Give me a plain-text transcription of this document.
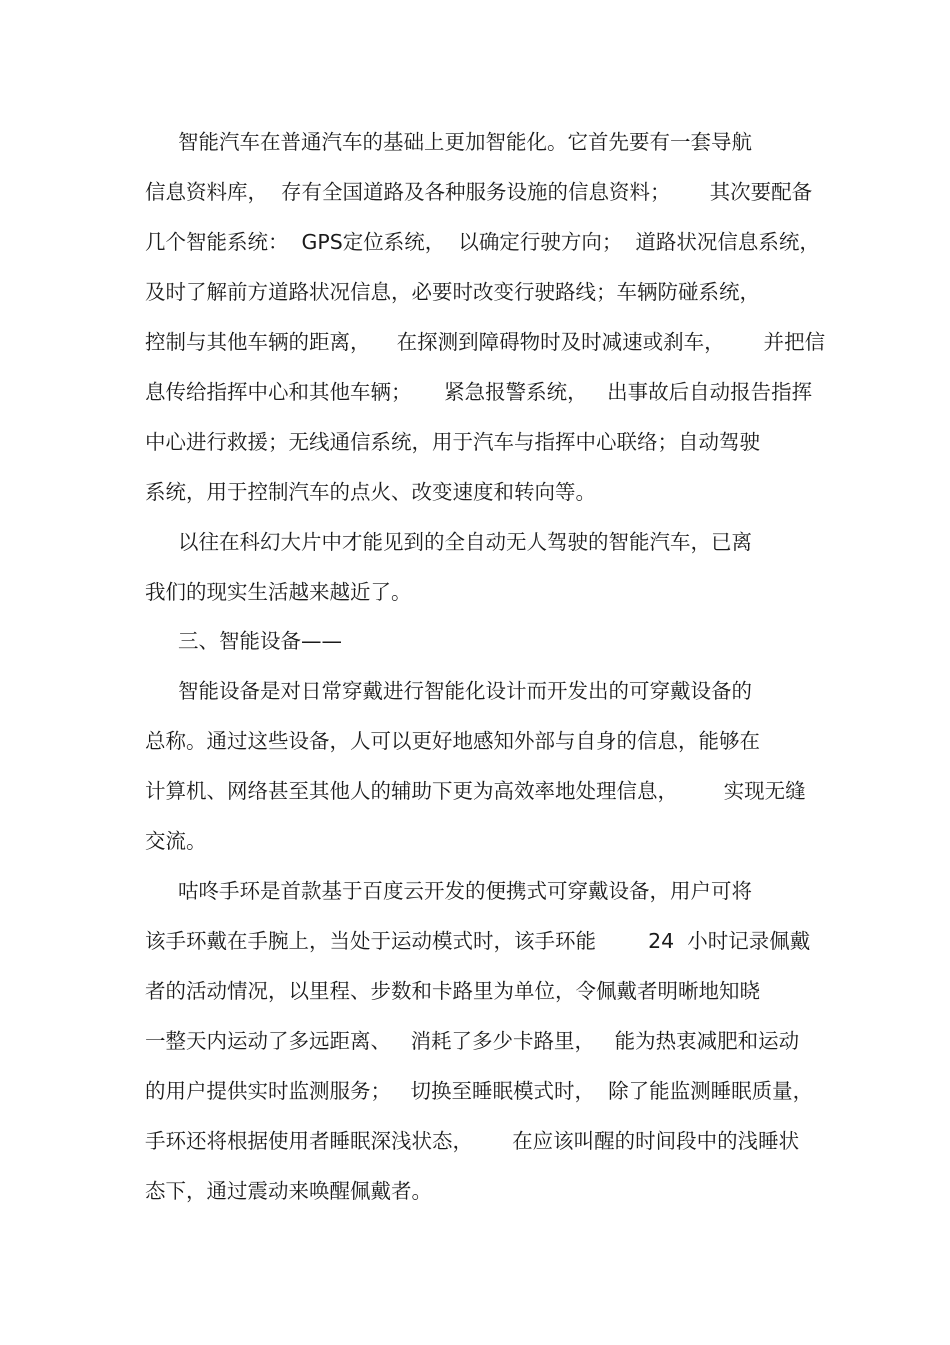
智能汽车在普通汽车的基础上更加智能化。它首先要有一套导航

信息资料库，  存有全国道路及各种服务设施的信息资料；      其次要配备

几个智能系统：  GPS定位系统，  以确定行驶方向；  道路状况信息系统，

及时了解前方道路状况信息，必要时改变行驶路线；车辆防碰系统，

控制与其他车辆的距离，    在探测到障碍物时及时减速或刹车，      并把信

息传给指挥中心和其他车辆；     紧急报警系统，   出事故后自动报告指挥

中心进行救援；无线通信系统，用于汽车与指挥中心联络；自动驾驶

系统，用于控制汽车的点火、改变速度和转向等。

以往在科幻大片中才能见到的全自动无人驾驶的智能汽车，已离

我们的现实生活越来越近了。

三、智能设备——

智能设备是对日常穿戴进行智能化设计而开发出的可穿戴设备的

总称。通过这些设备，人可以更好地感知外部与自身的信息，能够在

计算机、网络甚至其他人的辅助下更为高效率地处理信息，       实现无缝

交流。

咕咚手环是首款基于百度云开发的便携式可穿戴设备，用户可将

该手环戴在手腕上，当处于运动模式时，该手环能        24  小时记录佩戴

者的活动情况，以里程、步数和卡路里为单位，令佩戴者明晰地知晓

一整天内运动了多远距离、   消耗了多少卡路里，   能为热衷减肥和运动

的用户提供实时监测服务；   切换至睡眠模式时，  除了能监测睡眠质量，

手环还将根据使用者睡眠深浅状态，      在应该叫醒的时间段中的浅睡状

态下，通过震动来唤醒佩戴者。
